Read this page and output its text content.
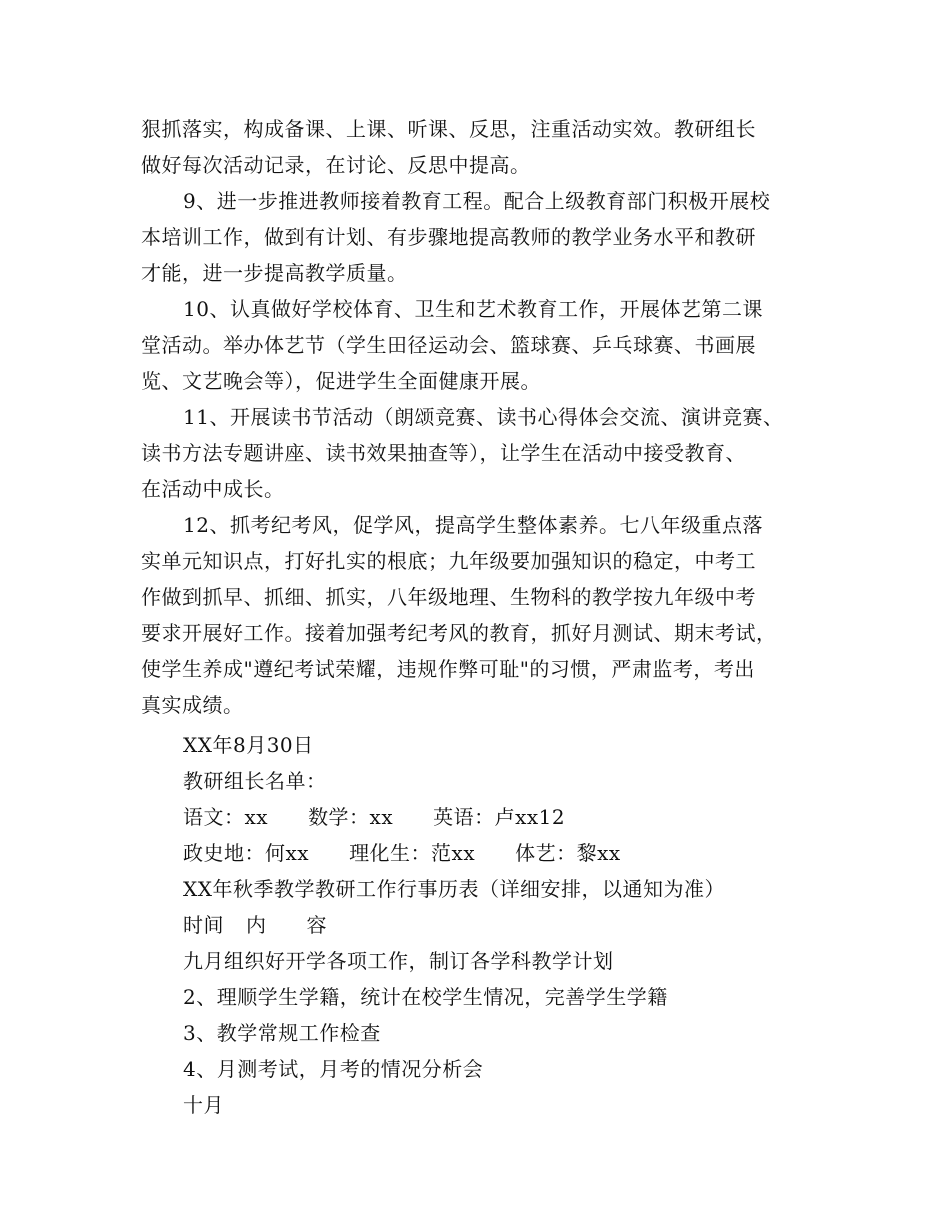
狠抓落实，构成备课、上课、听课、反思，注重活动实效。教研组长
做好每次活动记录，在讨论、反思中提高。
9、进一步推进教师接着教育工程。配合上级教育部门积极开展校
本培训工作，做到有计划、有步骤地提高教师的教学业务水平和教研
才能，进一步提高教学质量。
10、认真做好学校体育、卫生和艺术教育工作，开展体艺第二课
堂活动。举办体艺节（学生田径运动会、篮球赛、乒乓球赛、书画展
览、文艺晚会等），促进学生全面健康开展。
11、开展读书节活动（朗颂竞赛、读书心得体会交流、演讲竞赛、
读书方法专题讲座、读书效果抽查等），让学生在活动中接受教育、
在活动中成长。
12、抓考纪考风，促学风，提高学生整体素养。七八年级重点落
实单元知识点，打好扎实的根底；九年级要加强知识的稳定，中考工
作做到抓早、抓细、抓实，八年级地理、生物科的教学按九年级中考
要求开展好工作。接着加强考纪考风的教育，抓好月测试、期末考试，
使学生养成"遵纪考试荣耀，违规作弊可耻"的习惯，严肃监考，考出
真实成绩。
XX年8月30日
教研组长名单：
语文：xx 数学：xx 英语：卢xx12
政史地：何xx 理化生：范xx 体艺：黎xx
XX年秋季教学教研工作行事历表（详细安排，以通知为准）
时间 内 容
九月组织好开学各项工作，制订各学科教学计划
2、理顺学生学籍，统计在校学生情况，完善学生学籍
3、教学常规工作检查
4、月测考试，月考的情况分析会
十月
